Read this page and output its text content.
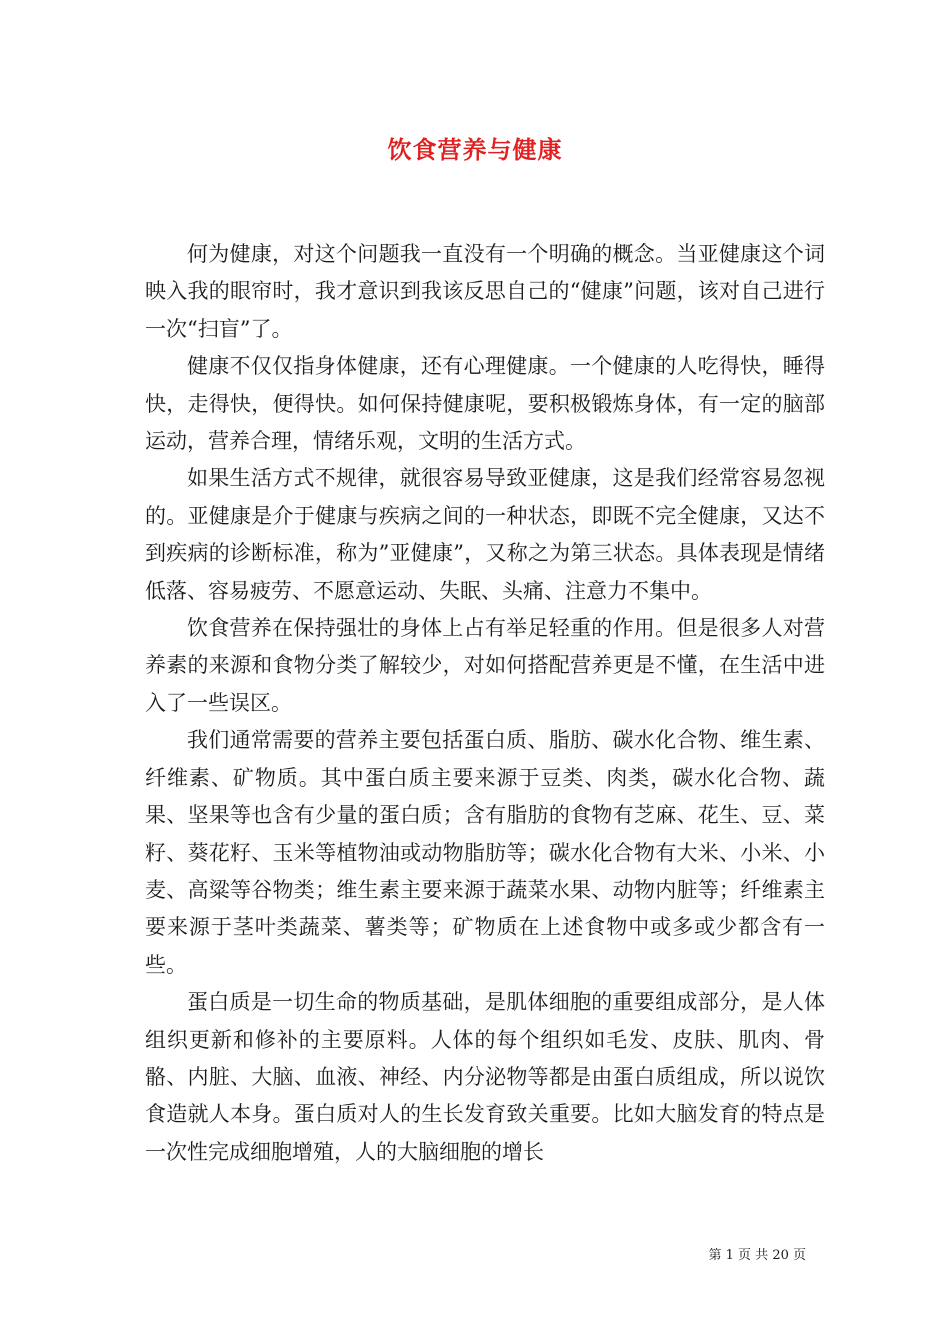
饮食营养与健康

何为健康，对这个问题我一直没有一个明确的概念。当亚健康这个词映入我的眼帘时，我才意识到我该反思自己的“健康”问题，该对自己进行一次“扫盲”了。

健康不仅仅指身体健康，还有心理健康。一个健康的人吃得快，睡得快，走得快，便得快。如何保持健康呢，要积极锻炼身体，有一定的脑部运动，营养合理，情绪乐观，文明的生活方式。

如果生活方式不规律，就很容易导致亚健康，这是我们经常容易忽视的。亚健康是介于健康与疾病之间的一种状态，即既不完全健康，又达不到疾病的诊断标准，称为”亚健康”，又称之为第三状态。具体表现是情绪低落、容易疲劳、不愿意运动、失眠、头痛、注意力不集中。

饮食营养在保持强壮的身体上占有举足轻重的作用。但是很多人对营养素的来源和食物分类了解较少，对如何搭配营养更是不懂，在生活中进入了一些误区。

我们通常需要的营养主要包括蛋白质、脂肪、碳水化合物、维生素、纤维素、矿物质。其中蛋白质主要来源于豆类、肉类，碳水化合物、蔬果、坚果等也含有少量的蛋白质；含有脂肪的食物有芝麻、花生、豆、菜籽、葵花籽、玉米等植物油或动物脂肪等；碳水化合物有大米、小米、小麦、高粱等谷物类；维生素主要来源于蔬菜水果、动物内脏等；纤维素主要来源于茎叶类蔬菜、薯类等；矿物质在上述食物中或多或少都含有一些。

蛋白质是一切生命的物质基础，是肌体细胞的重要组成部分，是人体组织更新和修补的主要原料。人体的每个组织如毛发、皮肤、肌肉、骨骼、内脏、大脑、血液、神经、内分泌物等都是由蛋白质组成，所以说饮食造就人本身。蛋白质对人的生长发育致关重要。比如大脑发育的特点是一次性完成细胞增殖，人的大脑细胞的增长

第 1 页 共 20 页
